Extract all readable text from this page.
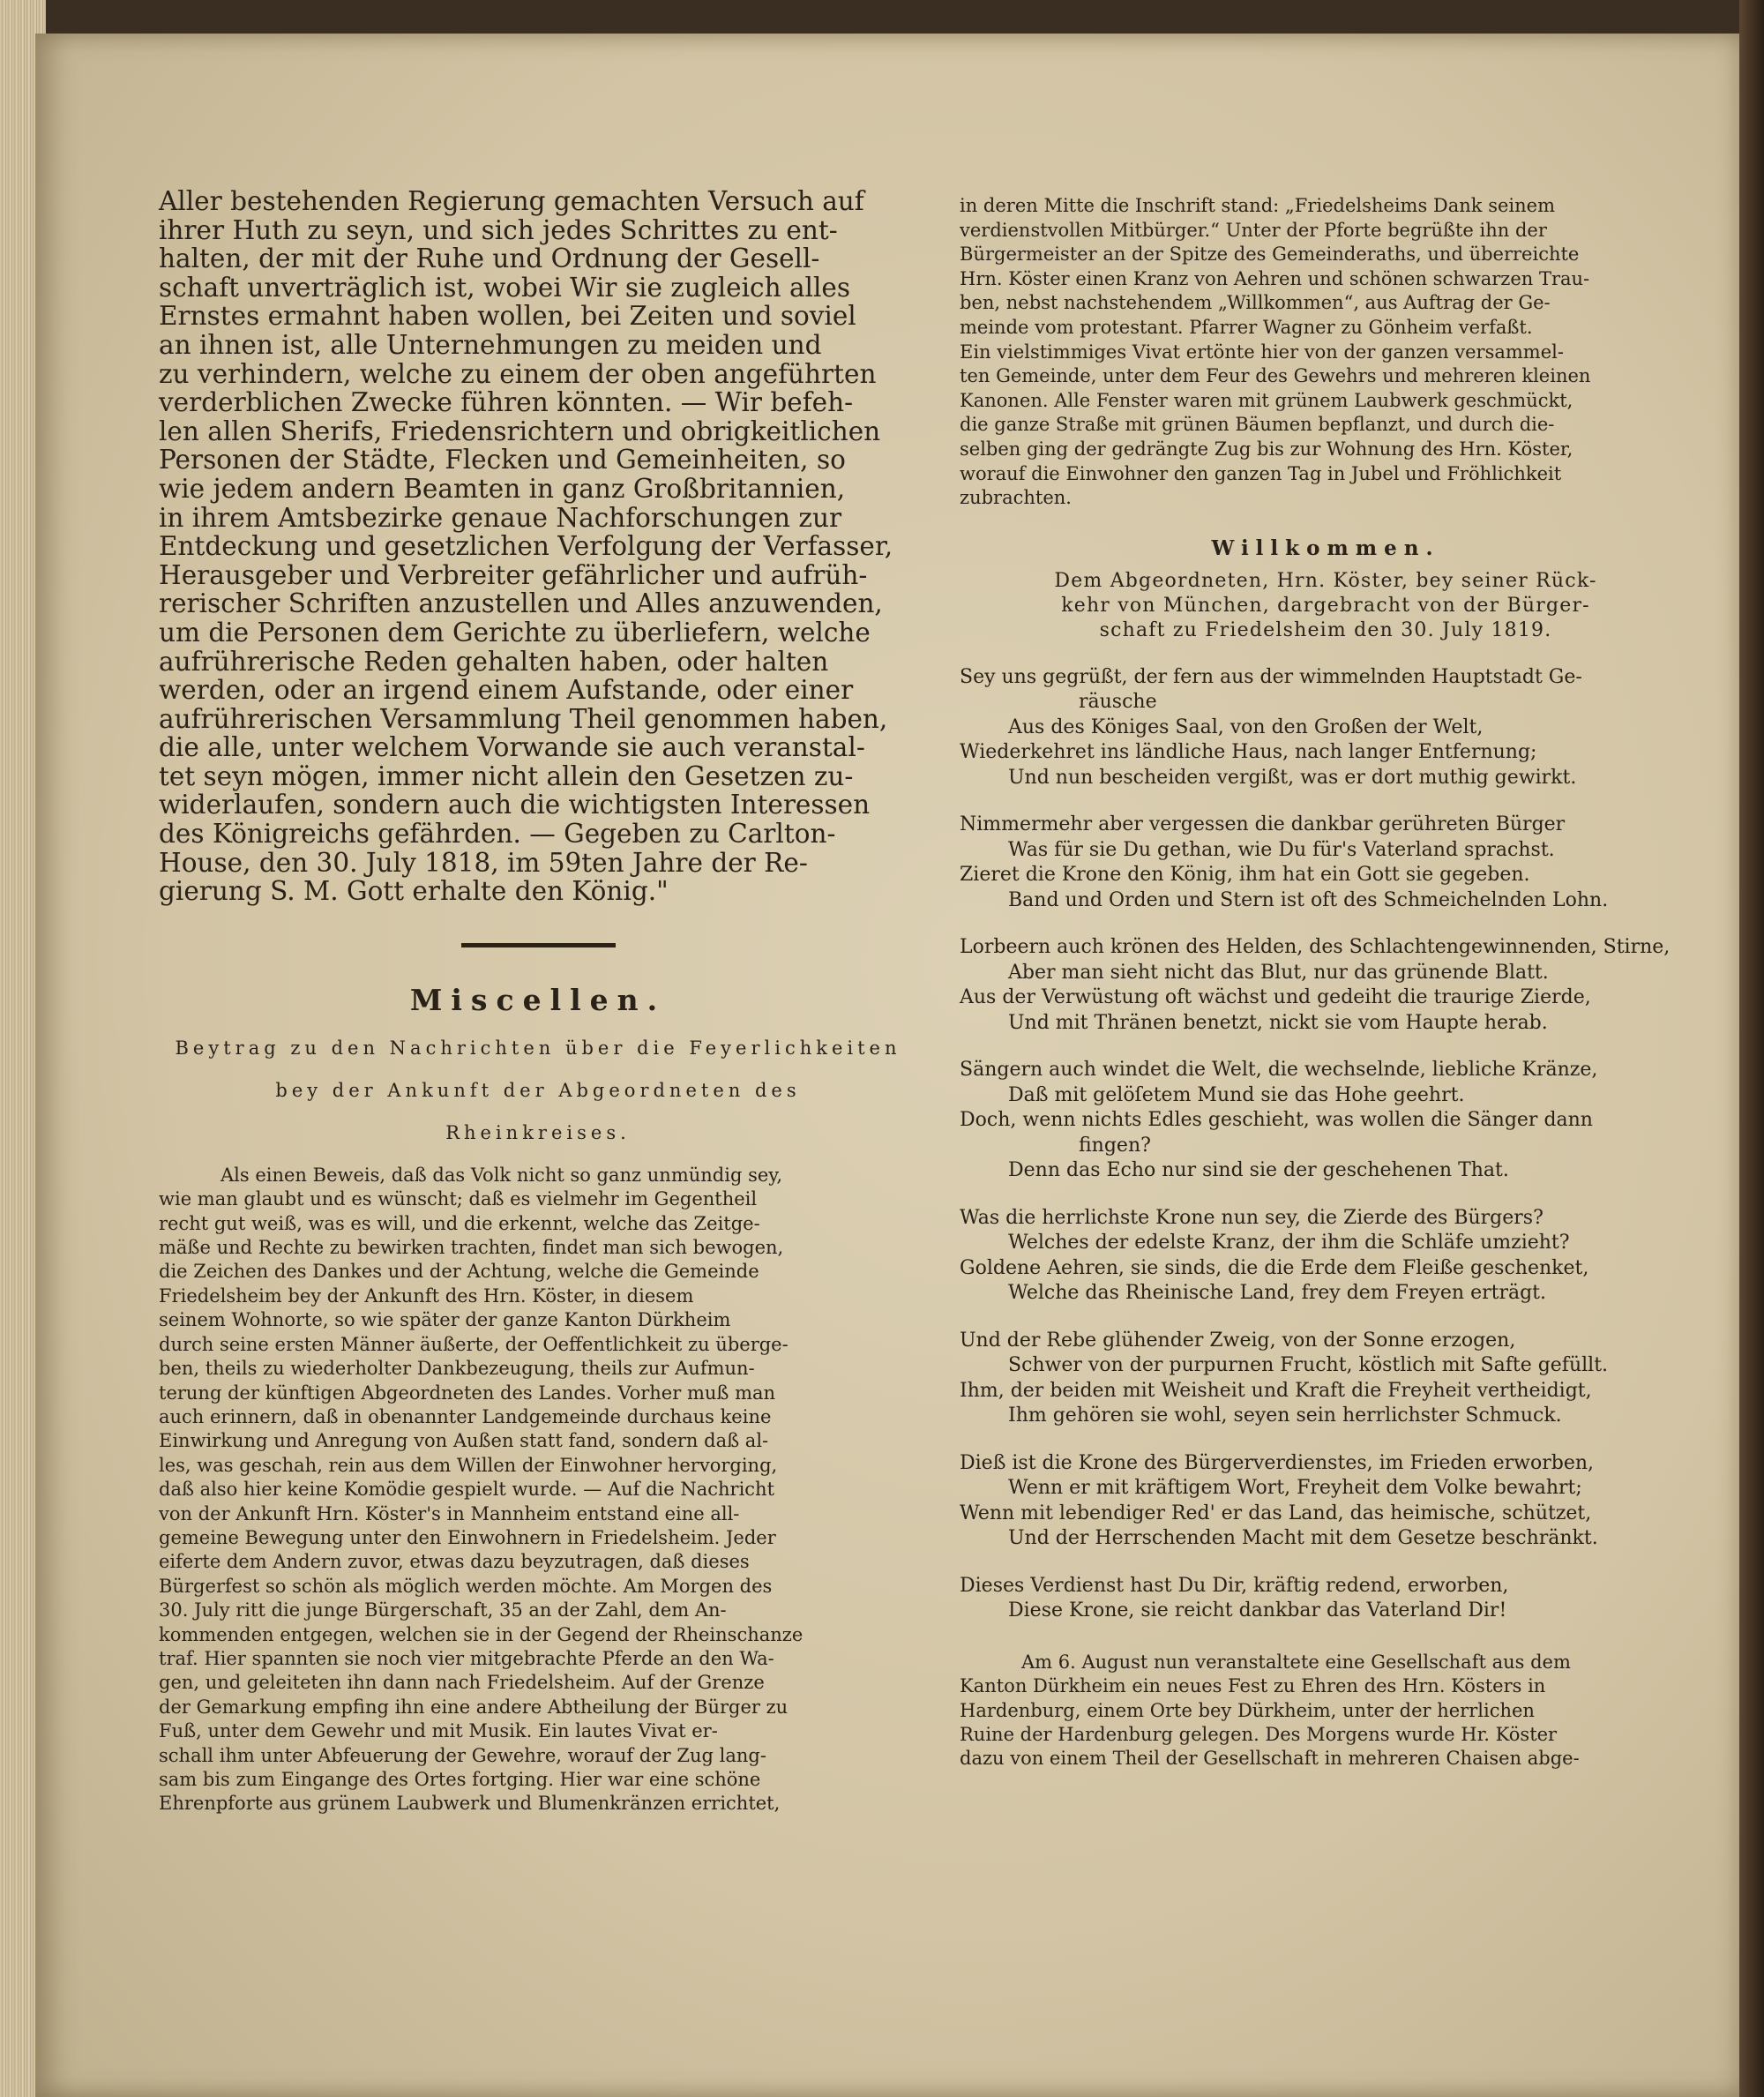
Aller bestehenden Regierung gemachten Versuch auf

ihrer Huth zu seyn, und sich jedes Schrittes zu ent-

halten, der mit der Ruhe und Ordnung der Gesell-

schaft unverträglich ist, wobei Wir sie zugleich alles

Ernstes ermahnt haben wollen, bei Zeiten und soviel

an ihnen ist, alle Unternehmungen zu meiden und

zu verhindern, welche zu einem der oben angeführten

verderblichen Zwecke führen könnten. — Wir befeh-

len allen Sherifs, Friedensrichtern und obrigkeitlichen

Personen der Städte, Flecken und Gemeinheiten, so

wie jedem andern Beamten in ganz Großbritannien,

in ihrem Amtsbezirke genaue Nachforschungen zur

Entdeckung und gesetzlichen Verfolgung der Verfasser,

Herausgeber und Verbreiter gefährlicher und aufrüh-

rerischer Schriften anzustellen und Alles anzuwenden,

um die Personen dem Gerichte zu überliefern, welche

aufrührerische Reden gehalten haben, oder halten

werden, oder an irgend einem Aufstande, oder einer

aufrührerischen Versammlung Theil genommen haben,

die alle, unter welchem Vorwande sie auch veranstal-

tet seyn mögen, immer nicht allein den Gesetzen zu-

widerlaufen, sondern auch die wichtigsten Interessen

des Königreichs gefährden. — Gegeben zu Carlton-

House, den 30. July 1818, im 59ten Jahre der Re-

gierung S. M. Gott erhalte den König."

Miscellen.

Beytrag zu den Nachrichten über die Feyerlichkeiten

bey der Ankunft der Abgeordneten des

Rheinkreises.

Als einen Beweis, daß das Volk nicht so ganz unmündig sey,

wie man glaubt und es wünscht; daß es vielmehr im Gegentheil

recht gut weiß, was es will, und die erkennt, welche das Zeitge-

mäße und Rechte zu bewirken trachten, findet man sich bewogen,

die Zeichen des Dankes und der Achtung, welche die Gemeinde

Friedelsheim bey der Ankunft des Hrn. Köster, in diesem

seinem Wohnorte, so wie später der ganze Kanton Dürkheim

durch seine ersten Männer äußerte, der Oeffentlichkeit zu überge-

ben, theils zu wiederholter Dankbezeugung, theils zur Aufmun-

terung der künftigen Abgeordneten des Landes. Vorher muß man

auch erinnern, daß in obenannter Landgemeinde durchaus keine

Einwirkung und Anregung von Außen statt fand, sondern daß al-

les, was geschah, rein aus dem Willen der Einwohner hervorging,

daß also hier keine Komödie gespielt wurde. — Auf die Nachricht

von der Ankunft Hrn. Köster's in Mannheim entstand eine all-

gemeine Bewegung unter den Einwohnern in Friedelsheim. Jeder

eiferte dem Andern zuvor, etwas dazu beyzutragen, daß dieses

Bürgerfest so schön als möglich werden möchte. Am Morgen des

30. July ritt die junge Bürgerschaft, 35 an der Zahl, dem An-

kommenden entgegen, welchen sie in der Gegend der Rheinschanze

traf. Hier spannten sie noch vier mitgebrachte Pferde an den Wa-

gen, und geleiteten ihn dann nach Friedelsheim. Auf der Grenze

der Gemarkung empfing ihn eine andere Abtheilung der Bürger zu

Fuß, unter dem Gewehr und mit Musik. Ein lautes Vivat er-

schall ihm unter Abfeuerung der Gewehre, worauf der Zug lang-

sam bis zum Eingange des Ortes fortging. Hier war eine schöne

Ehrenpforte aus grünem Laubwerk und Blumenkränzen errichtet,

in deren Mitte die Inschrift stand: „Friedelsheims Dank seinem

verdienstvollen Mitbürger.“ Unter der Pforte begrüßte ihn der

Bürgermeister an der Spitze des Gemeinderaths, und überreichte

Hrn. Köster einen Kranz von Aehren und schönen schwarzen Trau-

ben, nebst nachstehendem „Willkommen“, aus Auftrag der Ge-

meinde vom protestant. Pfarrer Wagner zu Gönheim verfaßt.

Ein vielstimmiges Vivat ertönte hier von der ganzen versammel-

ten Gemeinde, unter dem Feur des Gewehrs und mehreren kleinen

Kanonen. Alle Fenster waren mit grünem Laubwerk geschmückt,

die ganze Straße mit grünen Bäumen bepflanzt, und durch die-

selben ging der gedrängte Zug bis zur Wohnung des Hrn. Köster,

worauf die Einwohner den ganzen Tag in Jubel und Fröhlichkeit

zubrachten.

Willkommen.

Dem Abgeordneten, Hrn. Köster, bey seiner Rück-

kehr von München, dargebracht von der Bürger-

schaft zu Friedelsheim den 30. July 1819.

Sey uns gegrüßt, der fern aus der wimmelnden Hauptstadt Ge-

räusche

Aus des Königes Saal, von den Großen der Welt,

Wiederkehret ins ländliche Haus, nach langer Entfernung;

Und nun bescheiden vergißt, was er dort muthig gewirkt.

Nimmermehr aber vergessen die dankbar gerühreten Bürger

Was für sie Du gethan, wie Du für's Vaterland sprachst.

Zieret die Krone den König, ihm hat ein Gott sie gegeben.

Band und Orden und Stern ist oft des Schmeichelnden Lohn.

Lorbeern auch krönen des Helden, des Schlachtengewinnenden, Stirne,

Aber man sieht nicht das Blut, nur das grünende Blatt.

Aus der Verwüstung oft wächst und gedeiht die traurige Zierde,

Und mit Thränen benetzt, nickt sie vom Haupte herab.

Sängern auch windet die Welt, die wechselnde, liebliche Kränze,

Daß mit gelöſetem Mund sie das Hohe geehrt.

Doch, wenn nichts Edles geschieht, was wollen die Sänger dann

fingen?

Denn das Echo nur sind sie der geschehenen That.

Was die herrlichste Krone nun sey, die Zierde des Bürgers?

Welches der edelste Kranz, der ihm die Schläfe umzieht?

Goldene Aehren, sie sinds, die die Erde dem Fleiße geschenket,

Welche das Rheinische Land, frey dem Freyen erträgt.

Und der Rebe glühender Zweig, von der Sonne erzogen,

Schwer von der purpurnen Frucht, köstlich mit Safte gefüllt.

Ihm, der beiden mit Weisheit und Kraft die Freyheit vertheidigt,

Ihm gehören sie wohl, seyen sein herrlichster Schmuck.

Dieß ist die Krone des Bürgerverdienstes, im Frieden erworben,

Wenn er mit kräftigem Wort, Freyheit dem Volke bewahrt;

Wenn mit lebendiger Red' er das Land, das heimische, schützet,

Und der Herrschenden Macht mit dem Gesetze beschränkt.

Dieses Verdienst hast Du Dir, kräftig redend, erworben,

Diese Krone, sie reicht dankbar das Vaterland Dir!

Am 6. August nun veranstaltete eine Gesellschaft aus dem

Kanton Dürkheim ein neues Fest zu Ehren des Hrn. Kösters in

Hardenburg, einem Orte bey Dürkheim, unter der herrlichen

Ruine der Hardenburg gelegen. Des Morgens wurde Hr. Köster

dazu von einem Theil der Gesellschaft in mehreren Chaisen abge-
